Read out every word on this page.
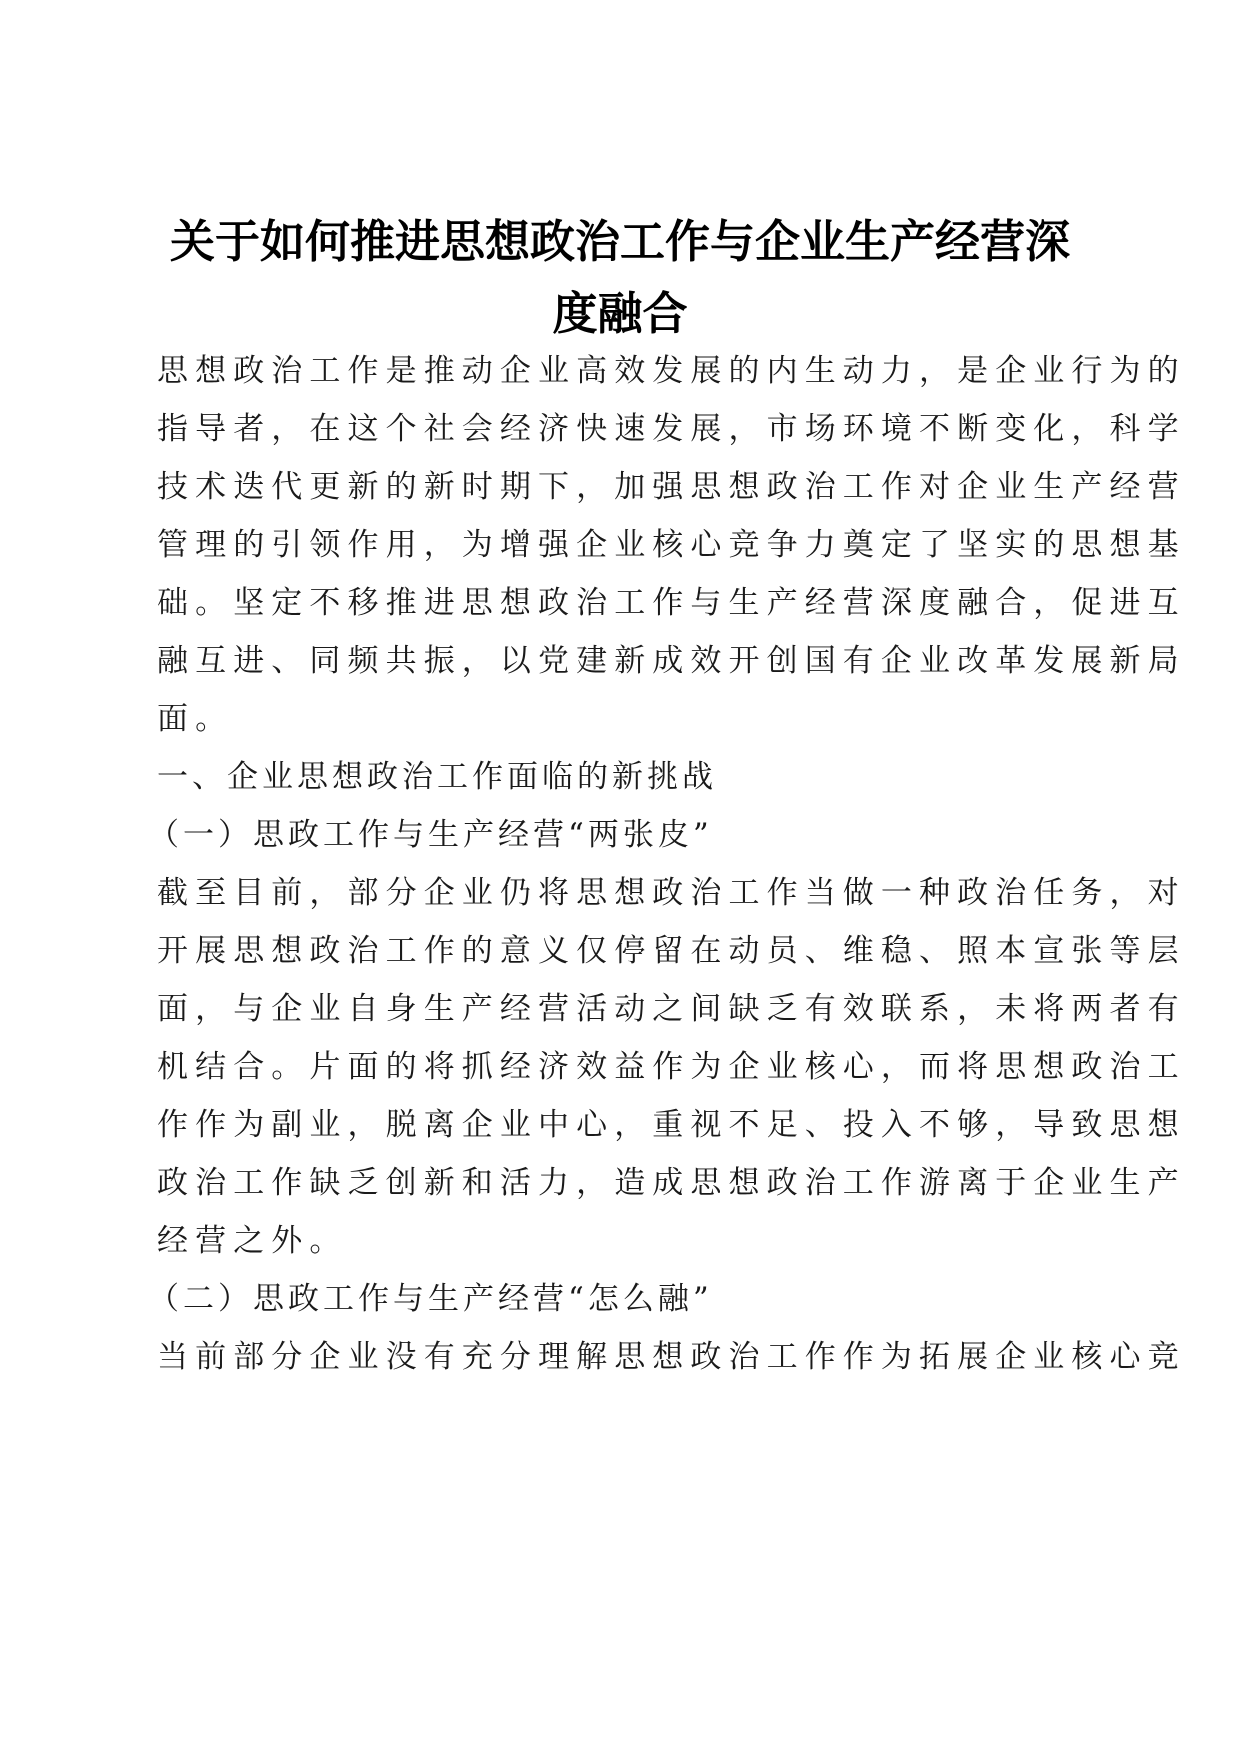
关于如何推进思想政治工作与企业生产经营深
度融合
思想政治工作是推动企业高效发展的内生动力，是企业行为的
指导者，在这个社会经济快速发展，市场环境不断变化，科学
技术迭代更新的新时期下，加强思想政治工作对企业生产经营
管理的引领作用，为增强企业核心竞争力奠定了坚实的思想基
础。坚定不移推进思想政治工作与生产经营深度融合，促进互
融互进、同频共振，以党建新成效开创国有企业改革发展新局
面。
一、企业思想政治工作面临的新挑战
（一）思政工作与生产经营“两张皮”
截至目前，部分企业仍将思想政治工作当做一种政治任务，对
开展思想政治工作的意义仅停留在动员、维稳、照本宣张等层
面，与企业自身生产经营活动之间缺乏有效联系，未将两者有
机结合。片面的将抓经济效益作为企业核心，而将思想政治工
作作为副业，脱离企业中心，重视不足、投入不够，导致思想
政治工作缺乏创新和活力，造成思想政治工作游离于企业生产
经营之外。
（二）思政工作与生产经营“怎么融”
当前部分企业没有充分理解思想政治工作作为拓展企业核心竞
